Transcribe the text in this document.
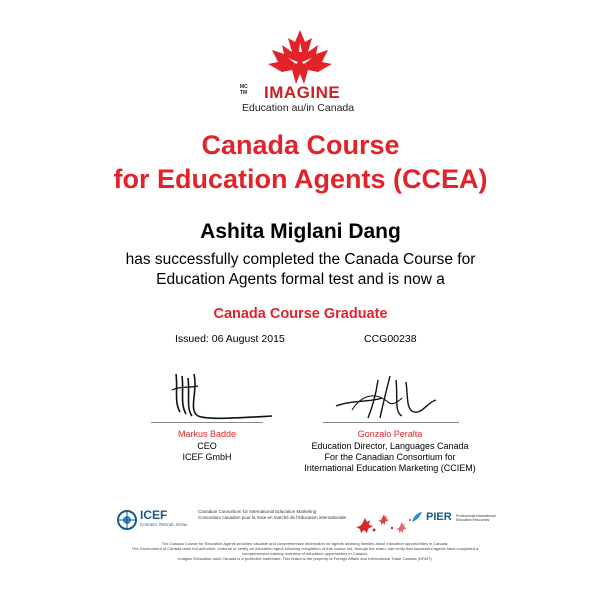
MC
TM IMAGINE
Education au/in Canada
Canada Course
for Education Agents (CCEA)
Ashita Miglani Dang
has successfully completed the Canada Course for
Education Agents formal test and is now a
Canada Course Graduate
Issued: 06 August 2015	CCG00238
Markus Badde
CEO
ICEF GmbH
Gonzalo Peralta
Education Director, Languages Canada
For the Canadian Consortium for
International Education Marketing (CCIEM)
ICEF
Connect. Recruit. Grow.
Canadian Consortium for International Education Marketing
Consortium canadien pour la mise en marché de l'éducation internationale	PIER Professional International Education Resources
The Canada Course for Education Agents provides valuable and comprehensive information for agents advising families about education opportunities in Canada.
The Government of Canada does not authorize, endorse or certify an education agent following completion of this course but, through the exam, can verify that successful agents have completed a
comprehensive training overview of education opportunities in Canada.
Imagine Education au/in Canada is a protected trademark. This brand is the property of Foreign Affairs and International Trade Canada (DFAIT)
